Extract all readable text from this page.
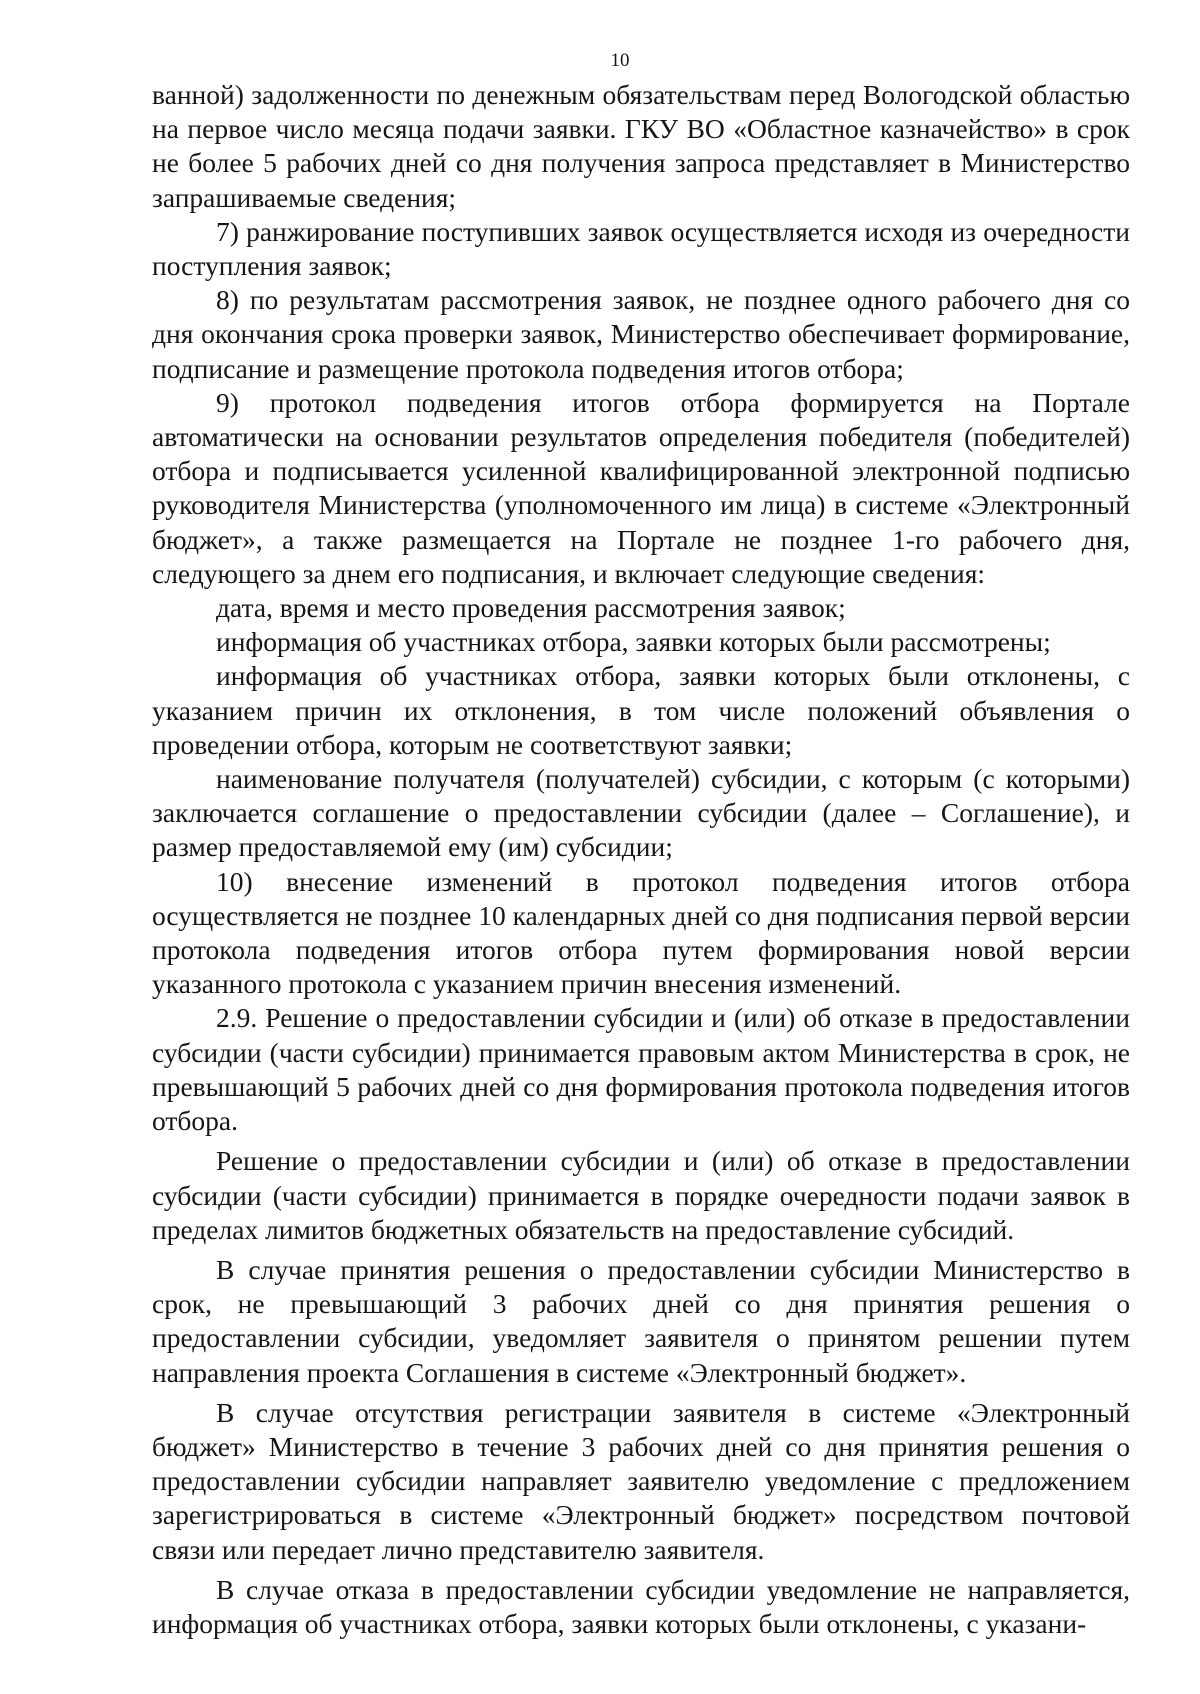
10

ванной) задолженности по денежным обязательствам перед Вологодской областью на первое число месяца подачи заявки. ГКУ ВО «Областное казначейство» в срок не более 5 рабочих дней со дня получения запроса представляет в Министерство запрашиваемые сведения;

7) ранжирование поступивших заявок осуществляется исходя из очередности поступления заявок;

8) по результатам рассмотрения заявок, не позднее одного рабочего дня со дня окончания срока проверки заявок, Министерство обеспечивает формирование, подписание и размещение протокола подведения итогов отбора;

9) протокол подведения итогов отбора формируется на Портале автоматически на основании результатов определения победителя (победителей) отбора и подписывается усиленной квалифицированной электронной подписью руководителя Министерства (уполномоченного им лица) в системе «Электронный бюджет», а также размещается на Портале не позднее 1-го рабочего дня, следующего за днем его подписания, и включает следующие сведения:

дата, время и место проведения рассмотрения заявок;

информация об участниках отбора, заявки которых были рассмотрены;

информация об участниках отбора, заявки которых были отклонены, с указанием причин их отклонения, в том числе положений объявления о проведении отбора, которым не соответствуют заявки;

наименование получателя (получателей) субсидии, с которым (с которыми) заключается соглашение о предоставлении субсидии (далее – Соглашение), и размер предоставляемой ему (им) субсидии;

10) внесение изменений в протокол подведения итогов отбора осуществляется не позднее 10 календарных дней со дня подписания первой версии протокола подведения итогов отбора путем формирования новой версии указанного протокола с указанием причин внесения изменений.

2.9. Решение о предоставлении субсидии и (или) об отказе в предоставлении субсидии (части субсидии) принимается правовым актом Министерства в срок, не превышающий 5 рабочих дней со дня формирования протокола подведения итогов отбора.

Решение о предоставлении субсидии и (или) об отказе в предоставлении субсидии (части субсидии) принимается в порядке очередности подачи заявок в пределах лимитов бюджетных обязательств на предоставление субсидий.

В случае принятия решения о предоставлении субсидии Министерство в срок, не превышающий 3 рабочих дней со дня принятия решения о предоставлении субсидии, уведомляет заявителя о принятом решении путем направления проекта Соглашения в системе «Электронный бюджет».

В случае отсутствия регистрации заявителя в системе «Электронный бюджет» Министерство в течение 3 рабочих дней со дня принятия решения о предоставлении субсидии направляет заявителю уведомление с предложением зарегистрироваться в системе «Электронный бюджет» посредством почтовой связи или передает лично представителю заявителя.

В случае отказа в предоставлении субсидии уведомление не направляется, информация об участниках отбора, заявки которых были отклонены, с указани-
